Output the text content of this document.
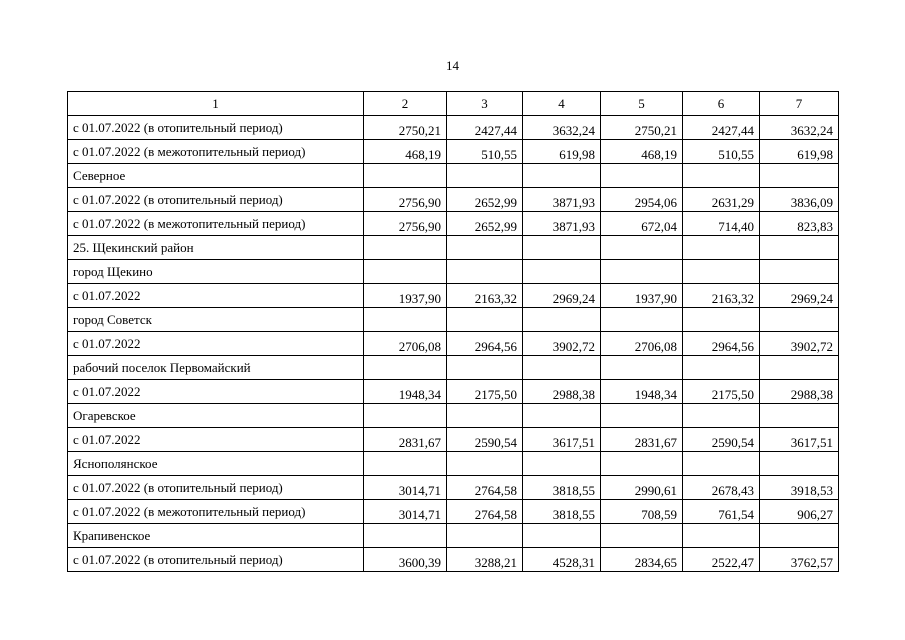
14
1	2	3	4	5	6	7
с 01.07.2022 (в отопительный период)	2750,21	2427,44	3632,24	2750,21	2427,44	3632,24
с 01.07.2022 (в межотопительный период)	468,19	510,55	619,98	468,19	510,55	619,98
Северное						
с 01.07.2022 (в отопительный период)	2756,90	2652,99	3871,93	2954,06	2631,29	3836,09
с 01.07.2022 (в межотопительный период)	2756,90	2652,99	3871,93	672,04	714,40	823,83
25. Щекинский район						
город Щекино						
с 01.07.2022	1937,90	2163,32	2969,24	1937,90	2163,32	2969,24
город Советск						
с 01.07.2022	2706,08	2964,56	3902,72	2706,08	2964,56	3902,72
рабочий поселок Первомайский						
с 01.07.2022	1948,34	2175,50	2988,38	1948,34	2175,50	2988,38
Огаревское						
с 01.07.2022	2831,67	2590,54	3617,51	2831,67	2590,54	3617,51
Яснополянское						
с 01.07.2022 (в отопительный период)	3014,71	2764,58	3818,55	2990,61	2678,43	3918,53
с 01.07.2022 (в межотопительный период)	3014,71	2764,58	3818,55	708,59	761,54	906,27
Крапивенское						
с 01.07.2022 (в отопительный период)	3600,39	3288,21	4528,31	2834,65	2522,47	3762,57
